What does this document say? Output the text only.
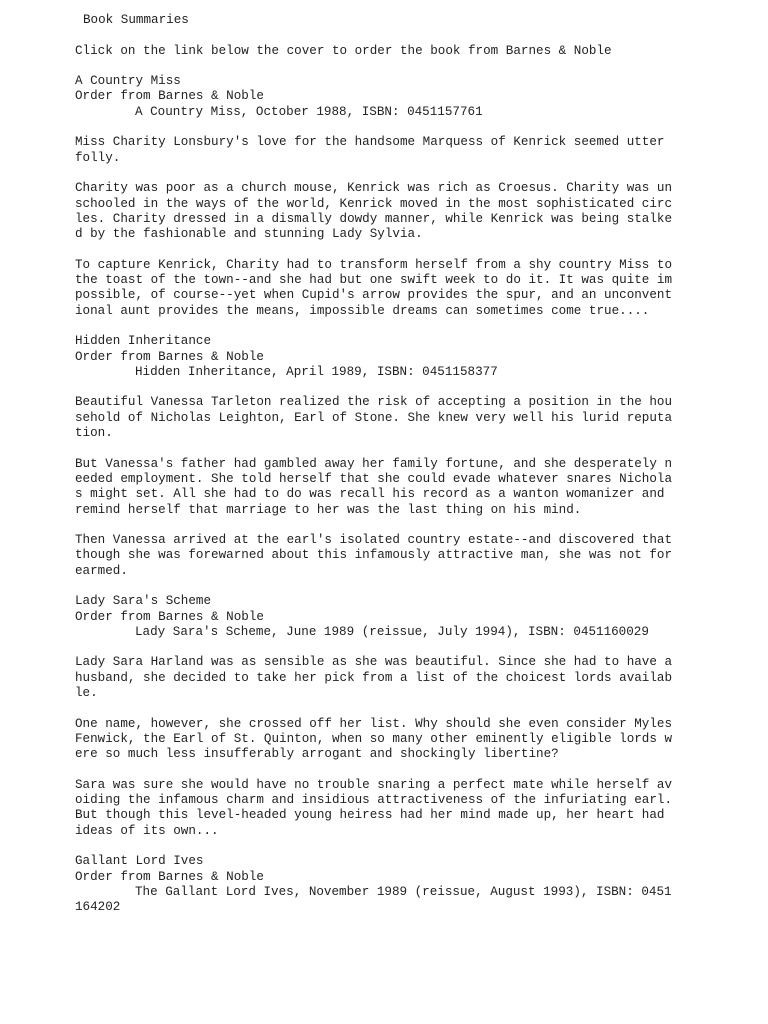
Book Summaries
Click on the link below the cover to order the book from Barnes & Noble
A Country Miss
Order from Barnes & Noble
A Country Miss, October 1988, ISBN: 0451157761

Miss Charity Lonsbury's love for the handsome Marquess of Kenrick seemed utter folly.

Charity was poor as a church mouse, Kenrick was rich as Croesus. Charity was unschooled in the ways of the world, Kenrick moved in the most sophisticated circles. Charity dressed in a dismally dowdy manner, while Kenrick was being stalked by the fashionable and stunning Lady Sylvia.

To capture Kenrick, Charity had to transform herself from a shy country Miss to the toast of the town--and she had but one swift week to do it. It was quite impossible, of course--yet when Cupid's arrow provides the spur, and an unconventional aunt provides the means, impossible dreams can sometimes come true....

Hidden Inheritance
Order from Barnes & Noble
Hidden Inheritance, April 1989, ISBN: 0451158377

Beautiful Vanessa Tarleton realized the risk of accepting a position in the household of Nicholas Leighton, Earl of Stone. She knew very well his lurid reputation.

But Vanessa's father had gambled away her family fortune, and she desperately needed employment. She told herself that she could evade whatever snares Nicholas might set. All she had to do was recall his record as a wanton womanizer and remind herself that marriage to her was the last thing on his mind.

Then Vanessa arrived at the earl's isolated country estate--and discovered that though she was forewarned about this infamously attractive man, she was not forearmed.

Lady Sara's Scheme
Order from Barnes & Noble
Lady Sara's Scheme, June 1989 (reissue, July 1994), ISBN: 0451160029

Lady Sara Harland was as sensible as she was beautiful. Since she had to have a husband, she decided to take her pick from a list of the choicest lords available.

One name, however, she crossed off her list. Why should she even consider Myles Fenwick, the Earl of St. Quinton, when so many other eminently eligible lords were so much less insufferably arrogant and shockingly libertine?

Sara was sure she would have no trouble snaring a perfect mate while herself avoiding the infamous charm and insidious attractiveness of the infuriating earl. But though this level-headed young heiress had her mind made up, her heart had ideas of its own...

Gallant Lord Ives
Order from Barnes & Noble

The Gallant Lord Ives, November 1989 (reissue, August 1993), ISBN: 0451164202
